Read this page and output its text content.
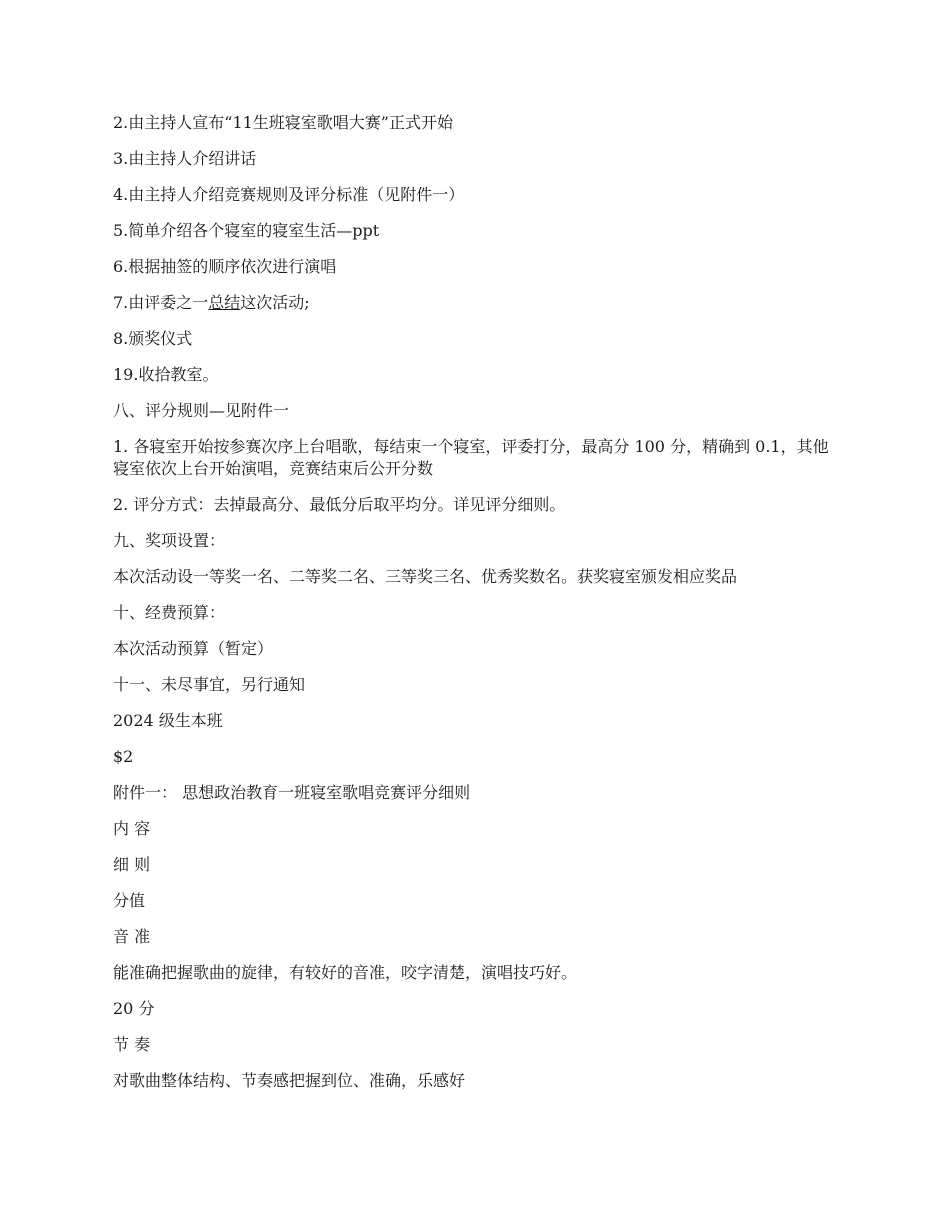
2.由主持人宣布“11生班寝室歌唱大赛”正式开始

3.由主持人介绍讲话

4.由主持人介绍竞赛规则及评分标准（见附件一）

5.简单介绍各个寝室的寝室生活—ppt

6.根据抽签的顺序依次进行演唱

7.由评委之一总结这次活动;

8.颁奖仪式

19.收拾教室。

八、评分规则—见附件一

1. 各寝室开始按参赛次序上台唱歌，每结束一个寝室，评委打分，最高分 100 分，精确到 0.1，其他寝室依次上台开始演唱，竞赛结束后公开分数

2. 评分方式：去掉最高分、最低分后取平均分。详见评分细则。

九、奖项设置：

本次活动设一等奖一名、二等奖二名、三等奖三名、优秀奖数名。获奖寝室颁发相应奖品

十、经费预算：

本次活动预算（暂定）

十一、未尽事宜，另行通知

2024 级生本班

$2

附件一： 思想政治教育一班寝室歌唱竞赛评分细则

内 容

细 则

分值

音 准

能准确把握歌曲的旋律，有较好的音准，咬字清楚，演唱技巧好。

20 分

节 奏

对歌曲整体结构、节奏感把握到位、准确，乐感好
